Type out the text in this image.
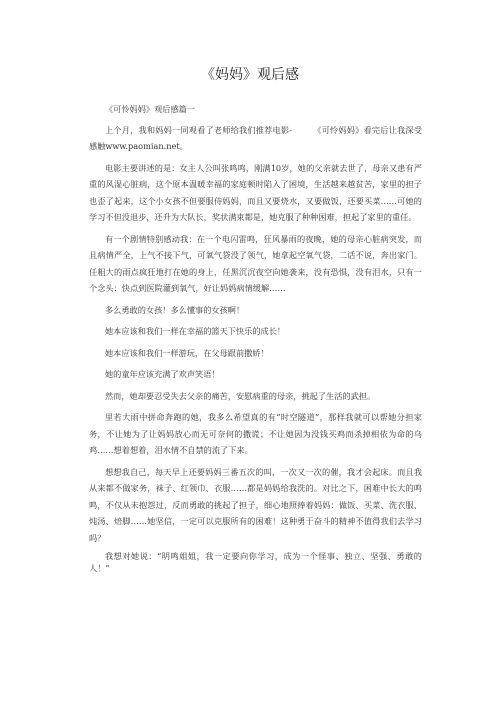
《妈妈》观后感

《可怜妈妈》观后感篇一

上个月，我和妈妈一同观看了老师给我们推荐电影-　　　《可怜妈妈》看完后让我深受感触www.paomian.net。

电影主要讲述的是：女主人公叫张鸣鸣，刚满10岁，她的父亲就去世了，母亲又患有严重的风湿心脏病，这个原本温暖幸福的家庭顿时陷入了困境，生活越来越贫苦，家里的担子也歪了起来，这个小女孩不但要服侍妈妈，而且又要烧水，又要做饭，还要买菜……可她的学习不但没退步，还升为大队长，奖状满束都是，她克服了种种困难，担起了家里的重任。

有一个剧情特别感动我：在一个电闪雷鸣，狂风暴雨的夜晚，她的母亲心脏病突发，而且病情严全，上气不接下气，可氧气袋没了领气，她拿起空氧气袋，二话不说，奔出家门。任粗大的雨点疯狂地打在她的身上，任黑沉沉夜空向她袭来，没有恐惧，没有泪水，只有一个念头：快点到医院灌到氧气，好让妈妈病情缓解……

多么勇敢的女孩！多么懂事的女孩啊！

她本应该和我们一样在幸福的篮天下快乐的成长！

她本应该和我们一样游玩，在父母跟前撒娇！

她的童年应该充满了欢声笑语！

然而，她却要忍受失去父亲的痛苦，安慰病重的母亲，挑起了生活的武担。

里若大雨中拼命奔跑的她，我多么希望真的有“时空隧道”，那样我就可以帮她分担家务，不让她为了让妈妈放心而无可奈何的撒谎；不让她因为没钱买鸡而杀掉相依为命的乌鸡……想着想着，泪水情不自禁的流了下来。

想想我自己，每天早上还要妈妈三番五次的叫，一次又一次的催，我才会起床。而且我从来都不做家务，袜子、红领巾、衣服……都是妈妈给我洗的。对比之下，困难中长大的鸣鸣，不仅从未抱怨过，反而勇敢的挑起了担子，细心地照捧着妈妈：做饭、买菜、洗衣服、炖汤、焙脚……她坚信，一定可以克服所有的困难！这种勇于奋斗的精神不值得我们去学习吗？

我想对她说：“明鸣姐姐，我一定要向你学习，成为一个怪事、独立、坚强、勇敢的人！”
